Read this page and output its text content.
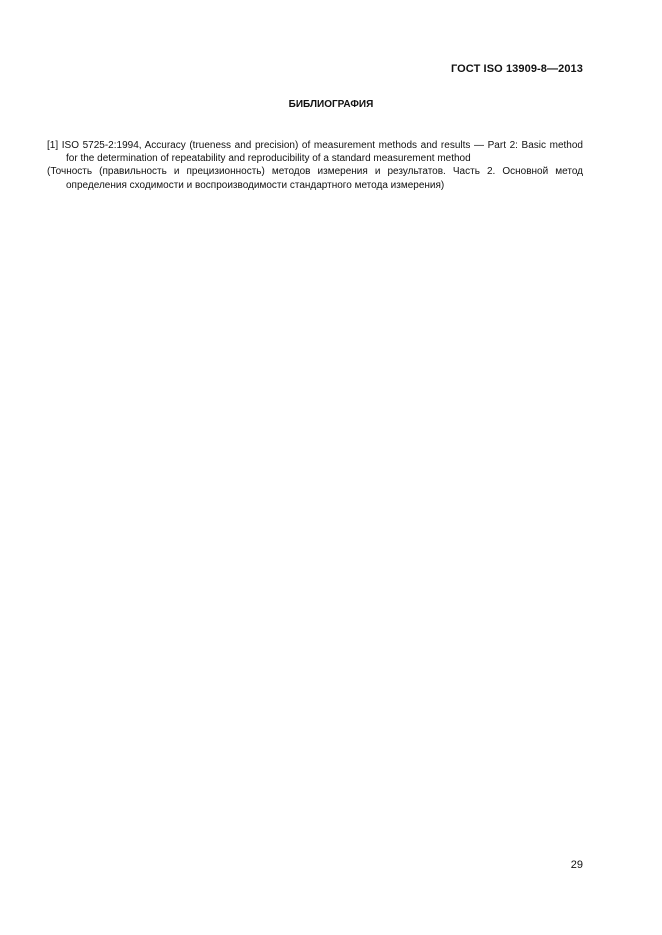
ГОСТ ISO 13909-8—2013
БИБЛИОГРАФИЯ

[1] ISO 5725-2:1994, Accuracy (trueness and precision) of measurement methods and results — Part 2: Basic method for the determination of repeatability and reproducibility of a standard measurement method

(Точность (правильность и прецизионность) методов измерения и результатов. Часть 2. Основной метод определения сходимости и воспроизводимости стандартного метода измерения)

29
